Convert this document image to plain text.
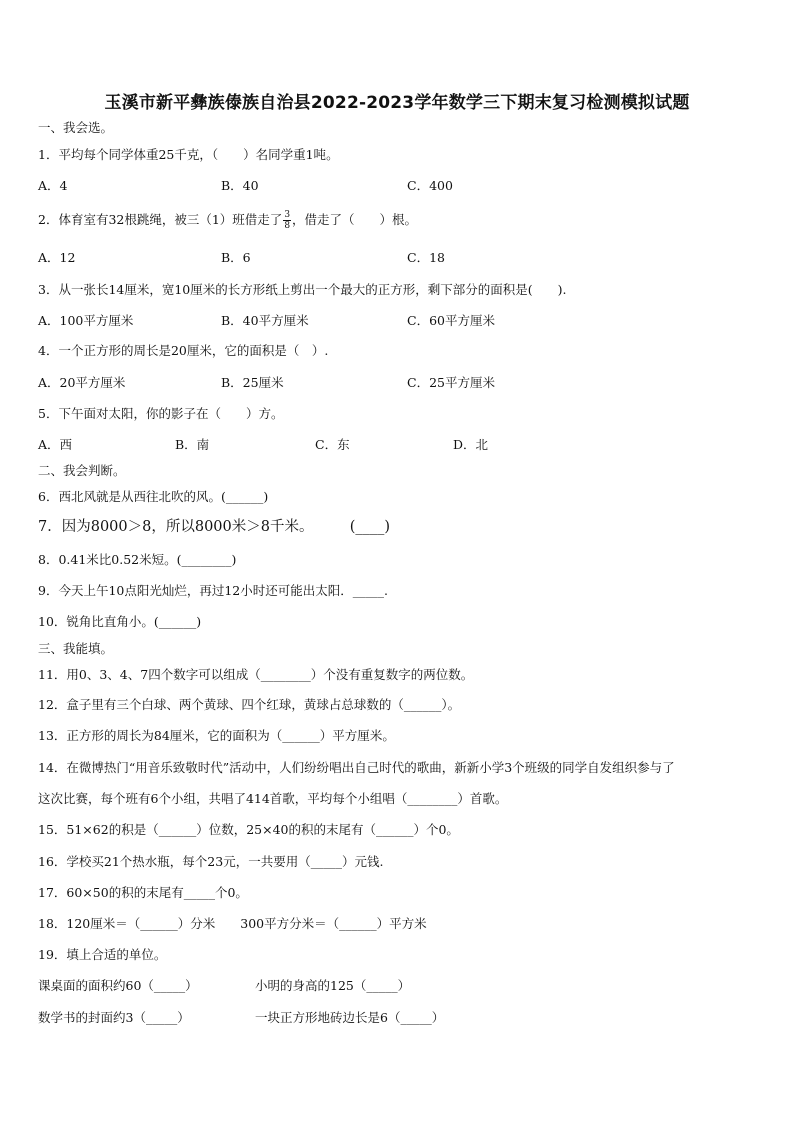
玉溪市新平彝族傣族自治县2022-2023学年数学三下期末复习检测模拟试题
一、我会选。
1．平均每个同学体重25千克，（　　）名同学重1吨。
A．4	B．40	C．400
2．体育室有32根跳绳，被三（1）班借走了 $\frac{3}{8}$ ，借走了（　　）根。
A．12	B．6	C．18
3．从一张长14厘米，宽10厘米的长方形纸上剪出一个最大的正方形，剩下部分的面积是(　　).
A．100平方厘米	B．40平方厘米	C．60平方厘米
4．一个正方形的周长是20厘米，它的面积是（　）.
A．20平方厘米	B．25厘米	C．25平方厘米
5．下午面对太阳，你的影子在（　　）方。
A．西	B．南	C．东	D．北
二、我会判断。
6．西北风就是从西往北吹的风。(______)
7．因为8000＞8，所以8000米＞8千米。　　　(____)
8．0.41米比0.52米短。(________)
9．今天上午10点阳光灿烂，再过12小时还可能出太阳．_____.
10．锐角比直角小。(______)
三、我能填。
11．用0、3、4、7四个数字可以组成（________）个没有重复数字的两位数。
12．盒子里有三个白球、两个黄球、四个红球，黄球占总球数的（______）。
13．正方形的周长为84厘米，它的面积为（______）平方厘米。
14．在微博热门“用音乐致敬时代”活动中，人们纷纷唱出自己时代的歌曲，新新小学3个班级的同学自发组织参与了
这次比赛，每个班有6个小组，共唱了414首歌，平均每个小组唱（________）首歌。
15．51×62的积是（______）位数，25×40的积的末尾有（______）个0。
16．学校买21个热水瓶，每个23元，一共要用（_____）元钱.
17．60×50的积的末尾有_____个0。
18．120厘米＝（______）分米　　300平方分米＝（______）平方米
19．填上合适的单位。
课桌面的面积约60（_____）	小明的身高的125（_____）
数学书的封面约3（_____）	一块正方形地砖边长是6（_____）
